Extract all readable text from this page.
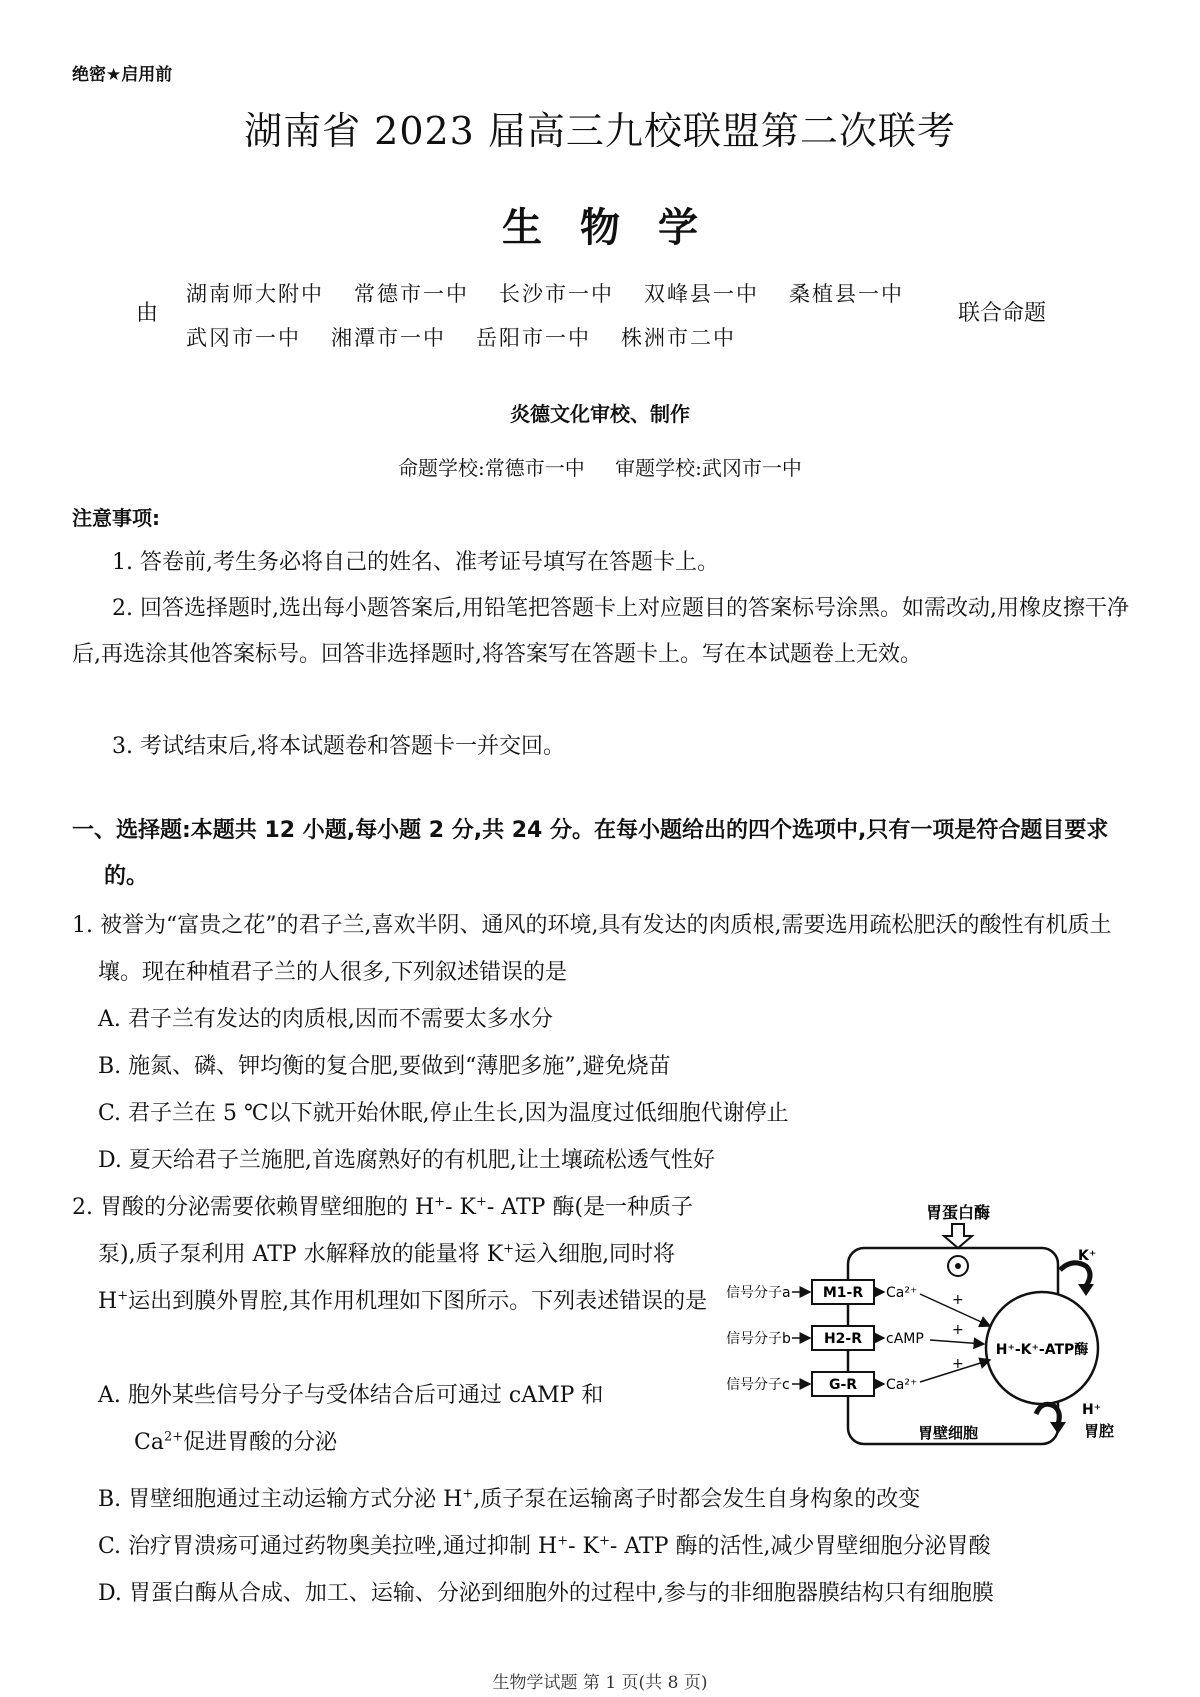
绝密★启用前
湖南省 2023 届高三九校联盟第二次联考
生物学
由
湖南师大附中 常德市一中 长沙市一中 双峰县一中 桑植县一中
武冈市一中 湘潭市一中 岳阳市一中 株洲市二中
联合命题
炎德文化审校、制作
命题学校:常德市一中 审题学校:武冈市一中
注意事项:
1. 答卷前,考生务必将自己的姓名、准考证号填写在答题卡上。
2. 回答选择题时,选出每小题答案后,用铅笔把答题卡上对应题目的答案标号涂黑。如需改动,用橡皮擦干净后,再选涂其他答案标号。回答非选择题时,将答案写在答题卡上。写在本试题卷上无效。
3. 考试结束后,将本试题卷和答题卡一并交回。
一、选择题:本题共 12 小题,每小题 2 分,共 24 分。在每小题给出的四个选项中,只有一项是符合题目要求的。
1. 被誉为“富贵之花”的君子兰,喜欢半阴、通风的环境,具有发达的肉质根,需要选用疏松肥沃的酸性有机质土壤。现在种植君子兰的人很多,下列叙述错误的是
A. 君子兰有发达的肉质根,因而不需要太多水分
B. 施氮、磷、钾均衡的复合肥,要做到“薄肥多施”,避免烧苗
C. 君子兰在 5 ℃以下就开始休眠,停止生长,因为温度过低细胞代谢停止
D. 夏天给君子兰施肥,首选腐熟好的有机肥,让土壤疏松透气性好
2. 胃酸的分泌需要依赖胃壁细胞的 H+- K+- ATP 酶(是一种质子泵),质子泵利用 ATP 水解释放的能量将 K+运入细胞,同时将 H+运出到膜外胃腔,其作用机理如下图所示。下列表述错误的是
A. 胞外某些信号分子与受体结合后可通过 cAMP 和
$Ca^{2+}$促进胃酸的分泌
B. 胃壁细胞通过主动运输方式分泌 H+,质子泵在运输离子时都会发生自身构象的改变
C. 治疗胃溃疡可通过药物奥美拉唑,通过抑制 H+- K+- ATP 酶的活性,减少胃壁细胞分泌胃酸
D. 胃蛋白酶从合成、加工、运输、分泌到细胞外的过程中,参与的非细胞器膜结构只有细胞膜
胃蛋白酶
H⁺-K⁺-ATP酶
信号分子a M1-R Ca²⁺ +
信号分子b H2-R cAMP
+
信号分子c	G-R Ca²⁺
+
K⁺
H⁺
胃壁细胞	胃腔
生物学试题 第 1 页(共 8 页)
